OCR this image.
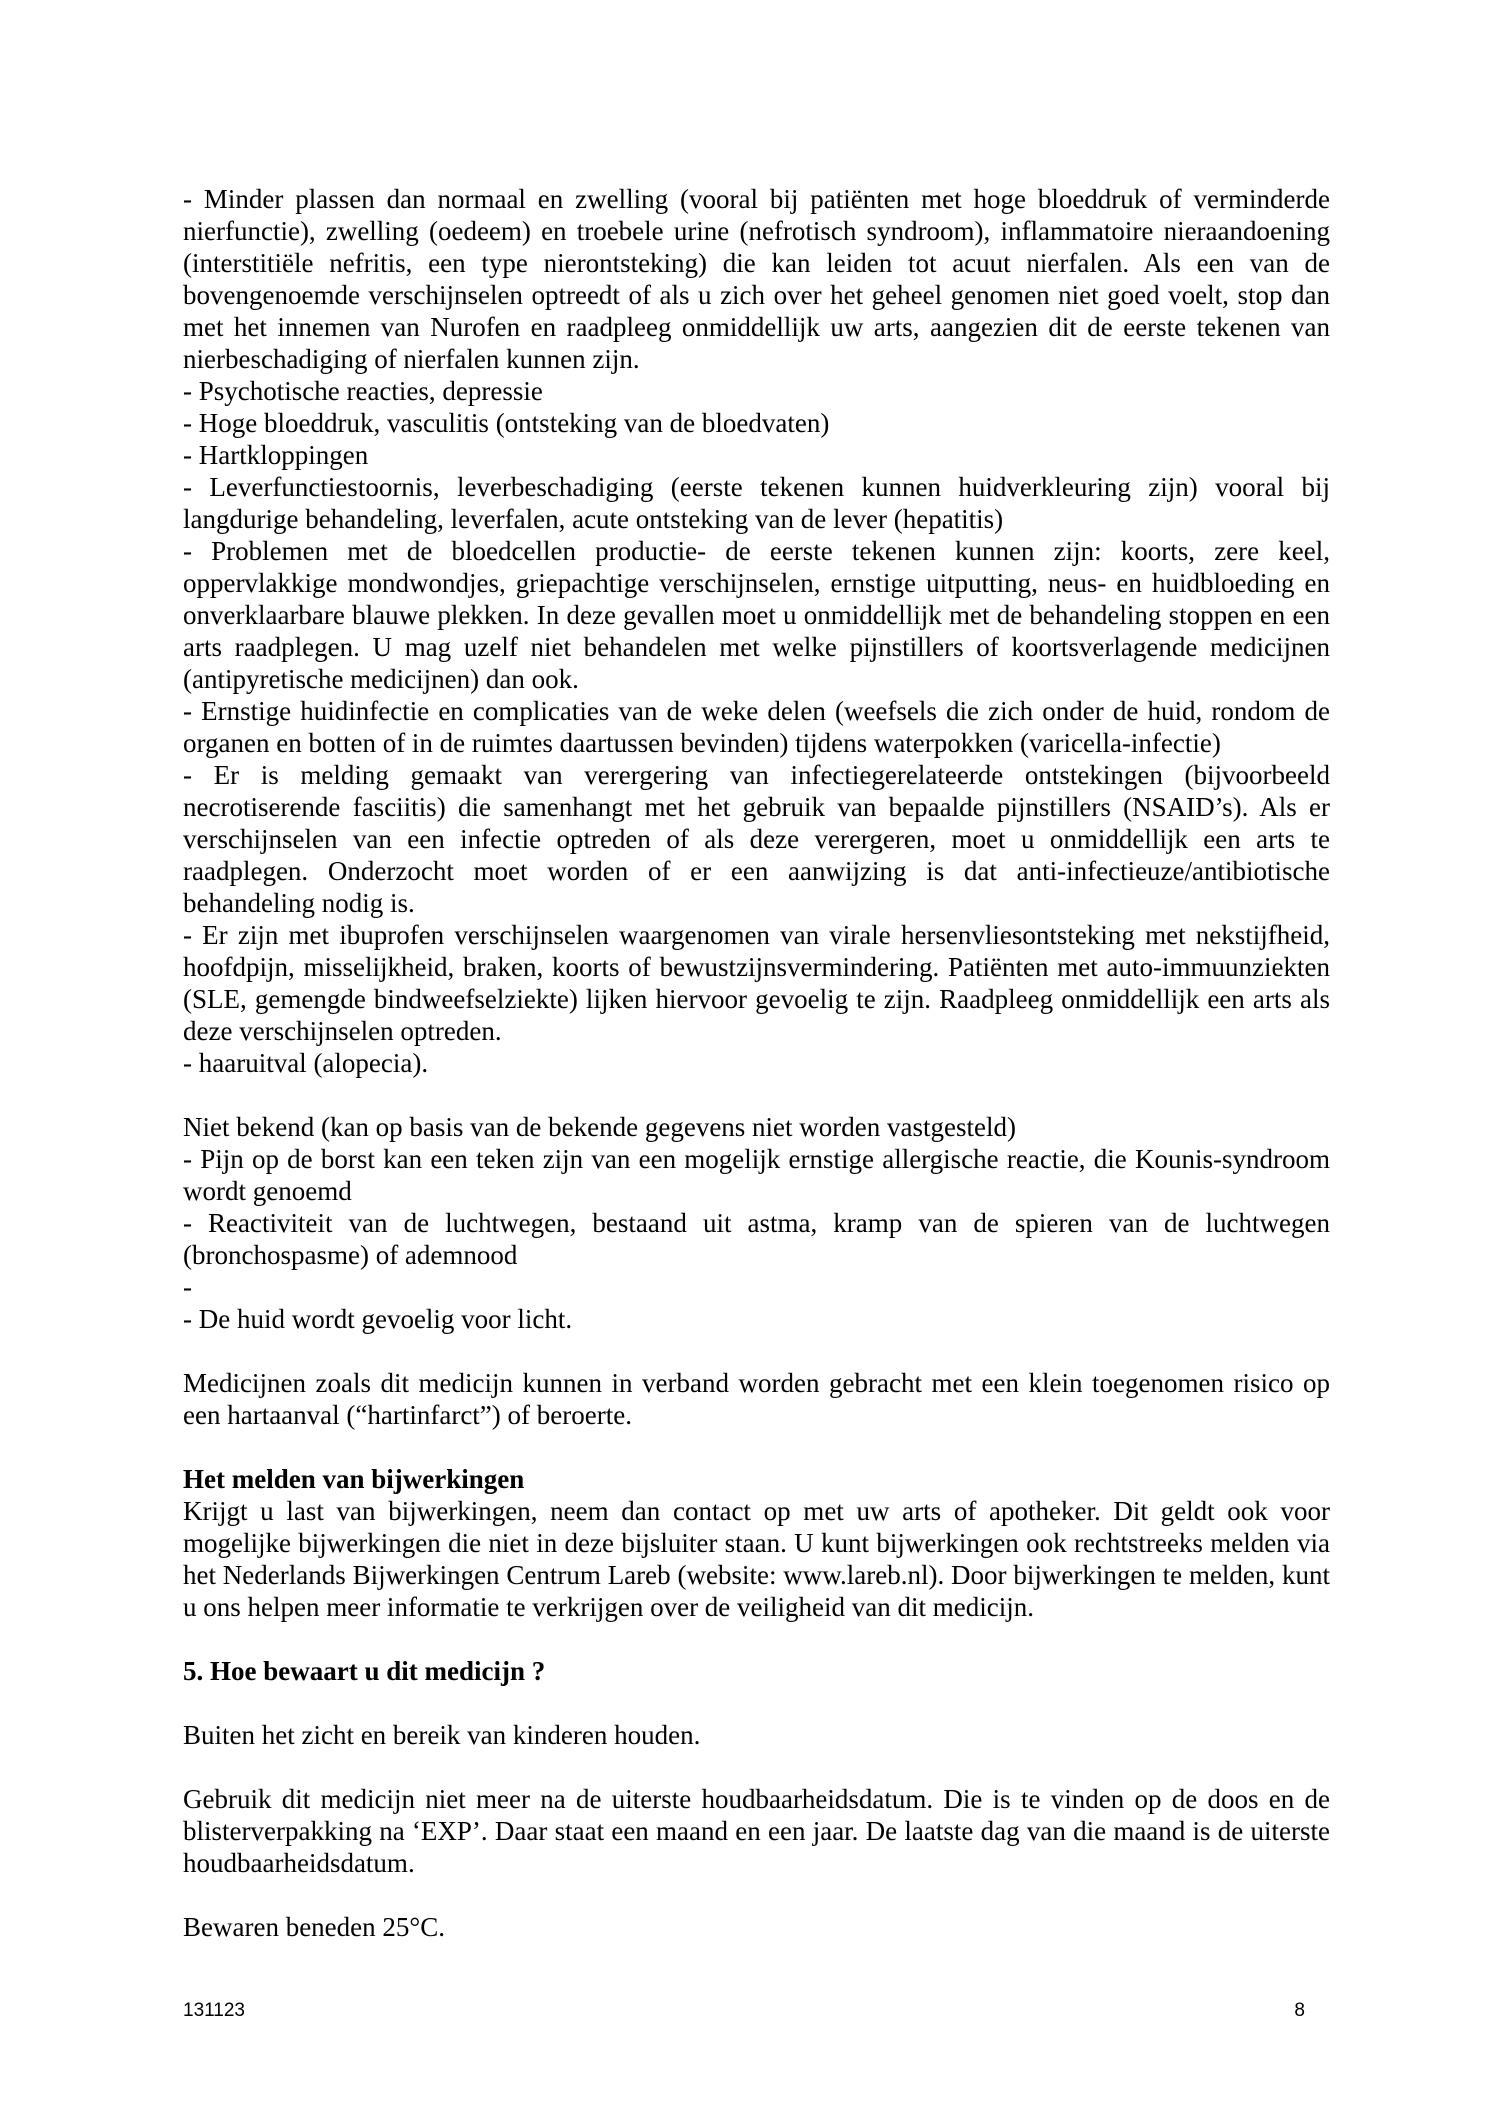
- Minder plassen dan normaal en zwelling (vooral bij patiënten met hoge bloeddruk of verminderde nierfunctie), zwelling (oedeem) en troebele urine (nefrotisch syndroom), inflammatoire nieraandoening (interstitiële nefritis, een type nierontsteking) die kan leiden tot acuut nierfalen. Als een van de bovengenoemde verschijnselen optreedt of als u zich over het geheel genomen niet goed voelt, stop dan met het innemen van Nurofen en raadpleeg onmiddellijk uw arts, aangezien dit de eerste tekenen van nierbeschadiging of nierfalen kunnen zijn.

- Psychotische reacties, depressie

- Hoge bloeddruk, vasculitis (ontsteking van de bloedvaten)

- Hartkloppingen

- Leverfunctiestoornis, leverbeschadiging (eerste tekenen kunnen huidverkleuring zijn) vooral bij langdurige behandeling, leverfalen, acute ontsteking van de lever (hepatitis)

- Problemen met de bloedcellen productie- de eerste tekenen kunnen zijn: koorts, zere keel, oppervlakkige mondwondjes, griepachtige verschijnselen, ernstige uitputting, neus- en huidbloeding en onverklaarbare blauwe plekken. In deze gevallen moet u onmiddellijk met de behandeling stoppen en een arts raadplegen. U mag uzelf niet behandelen met welke pijnstillers of koortsverlagende medicijnen (antipyretische medicijnen) dan ook.

- Ernstige huidinfectie en complicaties van de weke delen (weefsels die zich onder de huid, rondom de organen en botten of in de ruimtes daartussen bevinden) tijdens waterpokken (varicella-infectie)

- Er is melding gemaakt van verergering van infectiegerelateerde ontstekingen (bijvoorbeeld necrotiserende fasciitis) die samenhangt met het gebruik van bepaalde pijnstillers (NSAID’s). Als er verschijnselen van een infectie optreden of als deze verergeren, moet u onmiddellijk een arts te raadplegen. Onderzocht moet worden of er een aanwijzing is dat anti-infectieuze/antibiotische behandeling nodig is.

- Er zijn met ibuprofen verschijnselen waargenomen van virale hersenvliesontsteking met nekstijfheid, hoofdpijn, misselijkheid, braken, koorts of bewustzijnsvermindering. Patiënten met auto-immuunziekten (SLE, gemengde bindweefselziekte) lijken hiervoor gevoelig te zijn. Raadpleeg onmiddellijk een arts als deze verschijnselen optreden.

- haaruitval (alopecia).

Niet bekend (kan op basis van de bekende gegevens niet worden vastgesteld)

- Pijn op de borst kan een teken zijn van een mogelijk ernstige allergische reactie, die Kounis-syndroom wordt genoemd

- Reactiviteit van de luchtwegen, bestaand uit astma, kramp van de spieren van de luchtwegen (bronchospasme) of ademnood

-

- De huid wordt gevoelig voor licht.

Medicijnen zoals dit medicijn kunnen in verband worden gebracht met een klein toegenomen risico op een hartaanval (“hartinfarct”) of beroerte.

Het melden van bijwerkingen

Krijgt u last van bijwerkingen, neem dan contact op met uw arts of apotheker. Dit geldt ook voor mogelijke bijwerkingen die niet in deze bijsluiter staan. U kunt bijwerkingen ook rechtstreeks melden via het Nederlands Bijwerkingen Centrum Lareb (website: www.lareb.nl). Door bijwerkingen te melden, kunt u ons helpen meer informatie te verkrijgen over de veiligheid van dit medicijn.

5. Hoe bewaart u dit medicijn ?

Buiten het zicht en bereik van kinderen houden.

Gebruik dit medicijn niet meer na de uiterste houdbaarheidsdatum. Die is te vinden op de doos en de blisterverpakking na ‘EXP’. Daar staat een maand en een jaar. De laatste dag van die maand is de uiterste houdbaarheidsdatum.

Bewaren beneden 25°C.

131123	8
